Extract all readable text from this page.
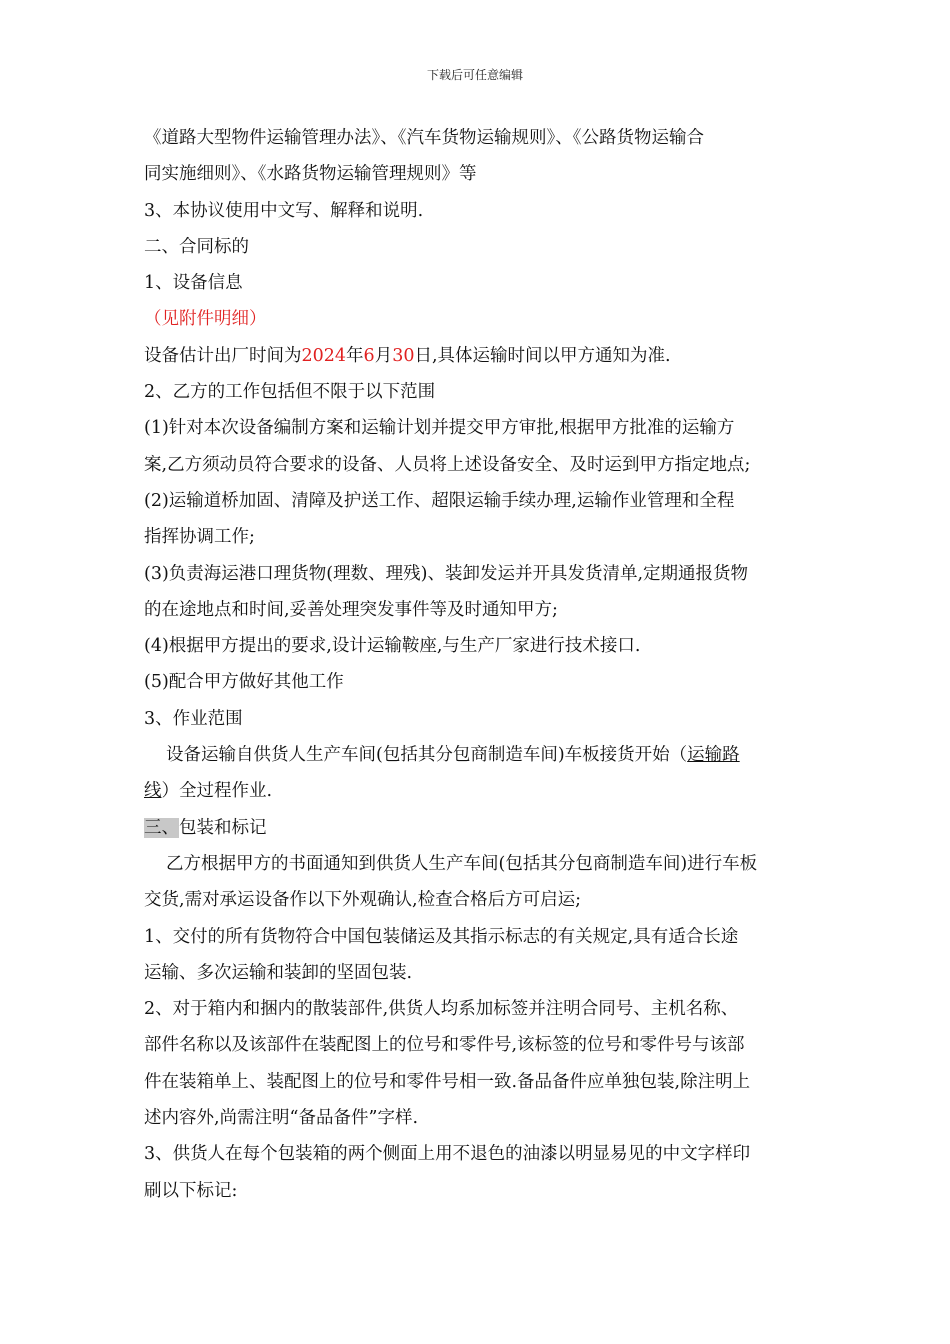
下载后可任意编辑
《道路大型物件运输管理办法》、《汽车货物运输规则》、《公路货物运输合
同实施细则》、《水路货物运输管理规则》等
3、本协议使用中文写、解释和说明.
二、合同标的
1、设备信息
（见附件明细）
设备估计出厂时间为2024年6月30日,具体运输时间以甲方通知为准.
2、乙方的工作包括但不限于以下范围
(1)针对本次设备编制方案和运输计划并提交甲方审批,根据甲方批准的运输方
案,乙方须动员符合要求的设备、人员将上述设备安全、及时运到甲方指定地点;
(2)运输道桥加固、清障及护送工作、超限运输手续办理,运输作业管理和全程
指挥协调工作;
(3)负责海运港口理货物(理数、理残)、装卸发运并开具发货清单,定期通报货物
的在途地点和时间,妥善处理突发事件等及时通知甲方;
(4)根据甲方提出的要求,设计运输鞍座,与生产厂家进行技术接口.
(5)配合甲方做好其他工作
3、作业范围
设备运输自供货人生产车间(包括其分包商制造车间)车板接货开始（运输路
线）全过程作业.
三、包装和标记
乙方根据甲方的书面通知到供货人生产车间(包括其分包商制造车间)进行车板
交货,需对承运设备作以下外观确认,检查合格后方可启运;
1、交付的所有货物符合中国包装储运及其指示标志的有关规定,具有适合长途
运输、多次运输和装卸的坚固包装.
2、对于箱内和捆内的散装部件,供货人均系加标签并注明合同号、主机名称、
部件名称以及该部件在装配图上的位号和零件号,该标签的位号和零件号与该部
件在装箱单上、装配图上的位号和零件号相一致.备品备件应单独包装,除注明上
述内容外,尚需注明“备品备件”字样.
3、供货人在每个包装箱的两个侧面上用不退色的油漆以明显易见的中文字样印
刷以下标记:
